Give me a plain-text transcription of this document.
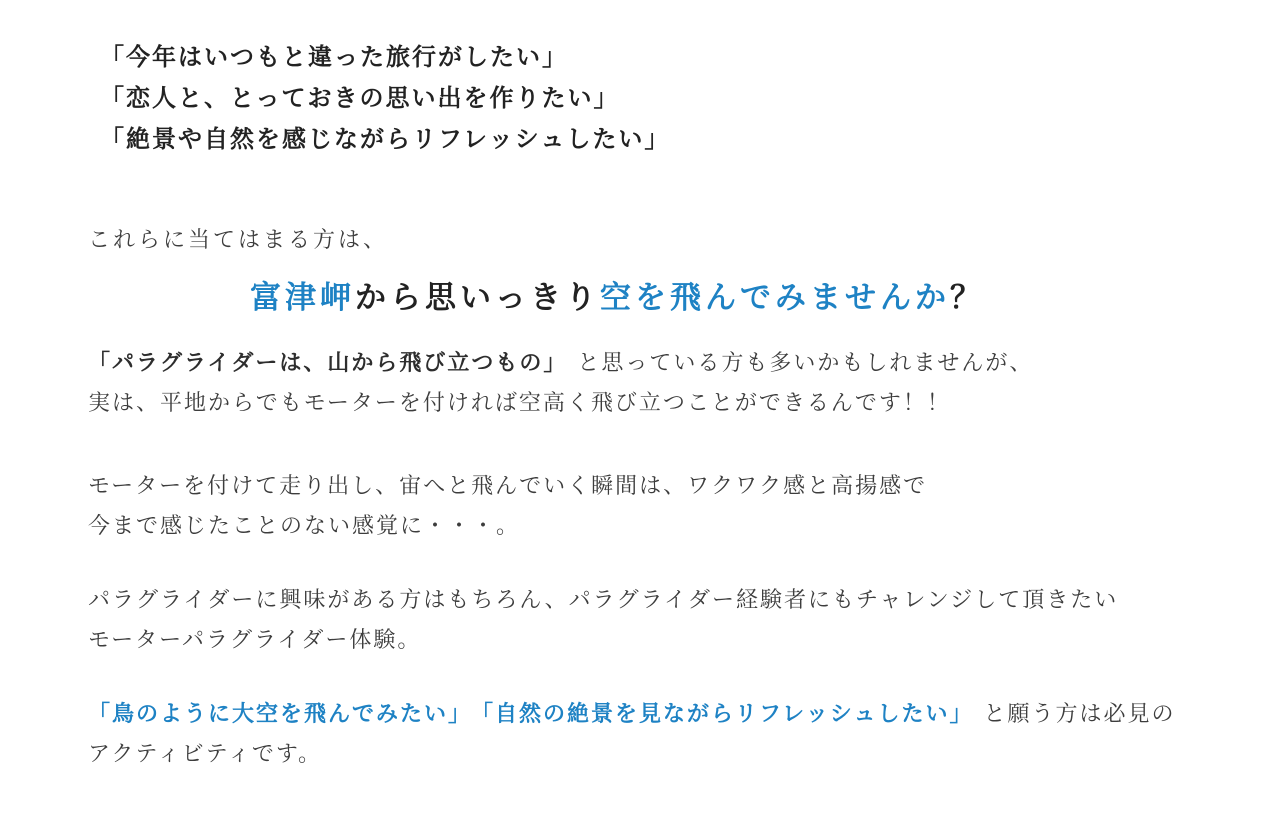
「今年はいつもと違った旅行がしたい」
「恋人と、とっておきの思い出を作りたい」
「絶景や自然を感じながらリフレッシュしたい」
これらに当てはまる方は、
富津岬から思いっきり空を飛んでみませんか？
「パラグライダーは、山から飛び立つもの」 と思っている方も多いかもしれませんが、
実は、平地からでもモーターを付ければ空高く飛び立つことができるんです！！
モーターを付けて走り出し、宙へと飛んでいく瞬間は、ワクワク感と高揚感で
今まで感じたことのない感覚に・・・。
パラグライダーに興味がある方はもちろん、パラグライダー経験者にもチャレンジして頂きたい
モーターパラグライダー体験。
「鳥のように大空を飛んでみたい」 「自然の絶景を見ながらリフレッシュしたい」 と願う方は必見の
アクティビティです。
